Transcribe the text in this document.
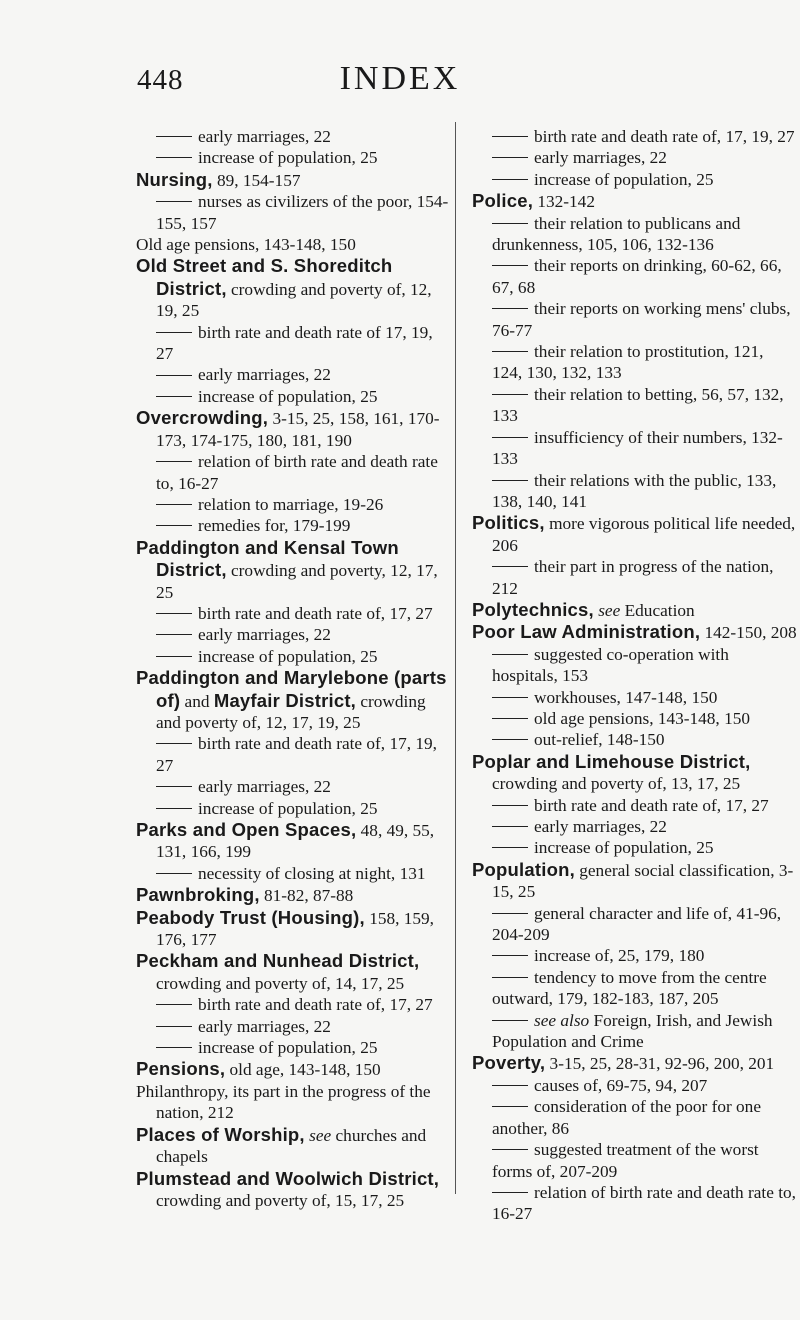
448	INDEX
early marriages, 22
increase of population, 25
Nursing, 89, 154-157
nurses as civilizers of the poor, 154-155, 157
Old age pensions, 143-148, 150
Old Street and S. Shoreditch District, crowding and poverty of, 12, 19, 25
birth rate and death rate of 17, 19, 27
early marriages, 22
increase of population, 25
Overcrowding, 3-15, 25, 158, 161, 170-173, 174-175, 180, 181, 190
relation of birth rate and death rate to, 16-27
relation to marriage, 19-26
remedies for, 179-199
Paddington and Kensal Town District, crowding and poverty, 12, 17, 25
birth rate and death rate of, 17, 27
early marriages, 22
increase of population, 25
Paddington and Marylebone (parts of) and Mayfair District, crowding and poverty of, 12, 17, 19, 25
birth rate and death rate of, 17, 19, 27
early marriages, 22
increase of population, 25
Parks and Open Spaces, 48, 49, 55, 131, 166, 199
necessity of closing at night, 131
Pawnbroking, 81-82, 87-88
Peabody Trust (Housing), 158, 159, 176, 177
Peckham and Nunhead District, crowding and poverty of, 14, 17, 25
birth rate and death rate of, 17, 27
early marriages, 22
increase of population, 25
Pensions, old age, 143-148, 150
Philanthropy, its part in the progress of the nation, 212
Places of Worship, see churches and chapels
Plumstead and Woolwich District, crowding and poverty of, 15, 17, 25
birth rate and death rate of, 17, 19, 27
early marriages, 22
increase of population, 25
Police, 132-142
their relation to publicans and drunkenness, 105, 106, 132-136
their reports on drinking, 60-62, 66, 67, 68
their reports on working mens' clubs, 76-77
their relation to prostitution, 121, 124, 130, 132, 133
their relation to betting, 56, 57, 132, 133
insufficiency of their numbers, 132-133
their relations with the public, 133, 138, 140, 141
Politics, more vigorous political life needed, 206
their part in progress of the nation, 212
Polytechnics, see Education
Poor Law Administration, 142-150, 208
suggested co-operation with hospitals, 153
workhouses, 147-148, 150
old age pensions, 143-148, 150
out-relief, 148-150
Poplar and Limehouse District, crowding and poverty of, 13, 17, 25
birth rate and death rate of, 17, 27
early marriages, 22
increase of population, 25
Population, general social classification, 3-15, 25
general character and life of, 41-96, 204-209
increase of, 25, 179, 180
tendency to move from the centre outward, 179, 182-183, 187, 205
see also Foreign, Irish, and Jewish Population and Crime
Poverty, 3-15, 25, 28-31, 92-96, 200, 201
causes of, 69-75, 94, 207
consideration of the poor for one another, 86
suggested treatment of the worst forms of, 207-209
relation of birth rate and death rate to, 16-27
